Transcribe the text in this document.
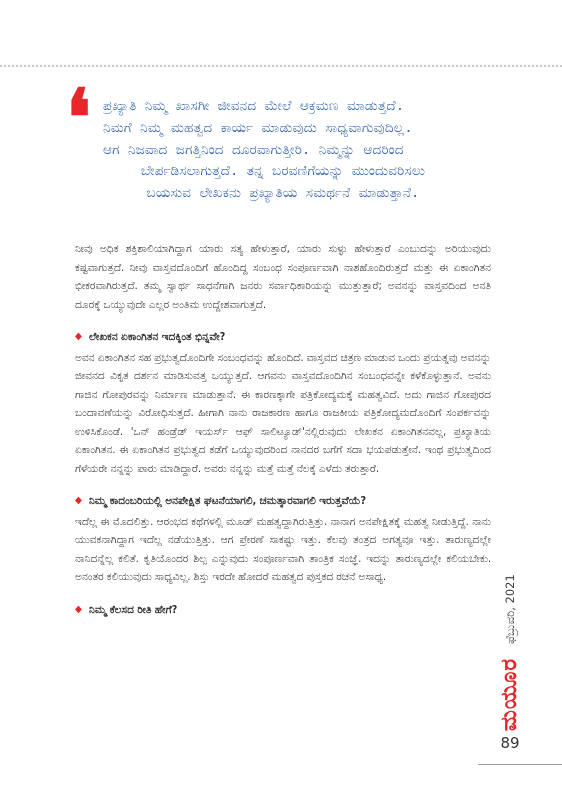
❛ ಪ್ರಖ್ಯಾತಿ ನಿಮ್ಮ ಖಾಸಗೀ ಜೀವನದ ಮೇಲೆ ಆಕ್ರಮಣ ಮಾಡುತ್ತದೆ.
ನಿಮಗೆ ನಿಮ್ಮ ಮಹತ್ವದ ಕಾರ್ಯ ಮಾಡುವುದು ಸಾಧ್ಯವಾಗುವುದಿಲ್ಲ.
ಆಗ ನಿಜವಾದ ಜಗತ್ತಿನಿಂದ ದೂರವಾಗುತ್ತೀರಿ. ನಿಮ್ಮನ್ನು ಆದರಿಂದ
ಬೇರ್ಪಡಿಸಲಾಗುತ್ತದೆ. ತನ್ನ ಬರವಣಿಗೆಯನ್ನು ಮುಂದುವರಿಸಲು
ಬಯಸುವ ಲೇಖಕನು ಪ್ರಖ್ಯಾತಿಯ ಸಮರ್ಥನೆ ಮಾಡುತ್ತಾನೆ.

ನೀವು ಅಧಿಕ ಶಕ್ತಿಶಾಲಿಯಾಗಿದ್ದಾಗ ಯಾರು ಸತ್ಯ ಹೇಳುತ್ತಾರೆ, ಯಾರು ಸುಳ್ಳು ಹೇಳುತ್ತಾರೆ ಎಂಬುದನ್ನು ಅರಿಯುವುದು ಕಷ್ಟವಾಗುತ್ತದೆ. ನೀವು ವಾಸ್ತವದೊಂದಿಗೆ ಹೊಂದಿದ್ದ ಸಂಬಂಧ ಸಂಪೂರ್ಣವಾಗಿ ನಾಶಹೊಂದಿರುತ್ತದೆ ಮತ್ತು ಈ ಏಕಾಂಗಿತನ ಭೀಕರವಾಗಿರುತ್ತದೆ. ತಮ್ಮ ಸ್ವಾರ್ಥ ಸಾಧನೆಗಾಗಿ ಜನರು ಸರ್ವಾಧಿಕಾರಿಯನ್ನು ಮುತ್ತುತ್ತಾರೆ; ಅವನನ್ನು ವಾಸ್ತವದಿಂದ ಅನತಿ ದೂರಕ್ಕೆ ಒಯ್ಯುವುದೇ ಎಲ್ಲರ ಅಂತಿಮ ಉದ್ದೇಶವಾಗುತ್ತದೆ.

◆ ಲೇಖಕನ ಏಕಾಂಗಿತನ ಇದಕ್ಕಿಂತ ಭಿನ್ನವೇ?

ಅವನ ಏಕಾಂಗಿತನ ಸಹ ಪ್ರಭುತ್ವದೊಂದಿಗೇ ಸಂಬಂಧವನ್ನು ಹೊಂದಿದೆ. ವಾಸ್ತವದ ಚಿತ್ರಣ ಮಾಡುವ ಒಂದು ಪ್ರಯತ್ನವು ಅವನನ್ನು ಜೀವನದ ವಿಕೃತ ದರ್ಶನ ಮಾಡಿಸುವತ್ತ ಒಯ್ಯುತ್ತದೆ. ಆಗವನು ವಾಸ್ತವದೊಂದಿಗಿನ ಸಂಬಂಧವನ್ನೇ ಕಳೆಕೊಳ್ಳುತ್ತಾನೆ. ಅವನು ಗಾಜಿನ ಗೋಪುರವನ್ನು ನಿರ್ಮಾಣ ಮಾಡುತ್ತಾನೆ. ಈ ಕಾರಣಕ್ಕಾಗೇ ಪತ್ರಿಕೋದ್ಯಮಕ್ಕೆ ಮಹತ್ವವಿದೆ. ಅದು ಗಾಜಿನ ಗೋಪುರದ ಬಂದಾವಣೆಯನ್ನು ವಿರೋಧಿಸುತ್ತದೆ. ಹೀಗಾಗಿ ನಾನು ರಾಜಕಾರಣ ಹಾಗೂ ರಾಜಕೀಯ ಪತ್ರಿಕೋದ್ಯಮದೊಂದಿಗೆ ಸಂಪರ್ಕವನ್ನು ಉಳಿಸಿಕೊಂಡೆ. 'ಒನ್ ಹಂಡ್ರೆಡ್ ಇಯರ್ಸ್ ಆಫ್ ಸಾಲಿಟ್ಯೂಡ್'ನಲ್ಲಿರುವುದು ಲೇಖಕನ ಏಕಾಂಗಿತನವಲ್ಲ, ಪ್ರಖ್ಯಾತಿಯ ಏಕಾಂಗಿತನ. ಈ ಏಕಾಂಗಿತನ ಪ್ರಭುತ್ವದ ಕಡೆಗೆ ಒಯ್ಯುವುದರಿಂದ ನಾನದರ ಬಗೆಗೆ ಸದಾ ಭಯಪಡುತ್ತೇನೆ. ಇಂಥ ಪ್ರಭುತ್ವದಿಂದ ಗೆಳೆಯರೇ ನನ್ನನ್ನು ಪಾರು ಮಾಡಿದ್ದಾರೆ. ಅವರು ನನ್ನನ್ನು ಮತ್ತೆ ಮತ್ತೆ ನೆಲಕ್ಕೆ ಎಳೆದು ತರುತ್ತಾರೆ.

◆ ನಿಮ್ಮ ಕಾದಂಬರಿಯಲ್ಲಿ ಅನಪೇಕ್ಷಿತ ಘಟನೆಯಾಗಲಿ, ಚಮತ್ಕಾರವಾಗಲಿ ಇರುತ್ತವೆಯೆ?

ಇದೆಲ್ಲ ಈ ಮೊದಲಿತ್ತು. ಆರಂಭದ ಕಥೆಗಳಲ್ಲಿ ಮೂಡ್ ಮಹತ್ವದ್ದಾಗಿರುತ್ತಿತ್ತು. ನಾನಾಗ ಅನಪೇಕ್ಷಿತಕ್ಕೆ ಮಹತ್ವ ನೀಡುತ್ತಿದ್ದೆ. ನಾನು ಯುವಕನಾಗಿದ್ದಾಗ ಇದೆಲ್ಲ ನಡೆಯುತ್ತಿತ್ತು. ಆಗ ಪ್ರೇರಣೆ ಸಾಕಷ್ಟು ಇತ್ತು. ಕೆಲವು ತಂತ್ರದ ಅಗತ್ಯವೂ ಇತ್ತು. ತಾರುಣ್ಯದಲ್ಲೇ ನಾನಿದನ್ನೆಲ್ಲ ಕಲಿತೆ. ಕೃತಿಯೊಂದರ ಶಿಲ್ಪ ಎನ್ನುವುದು ಸಂಪೂರ್ಣವಾಗಿ ತಾಂತ್ರಿಕ ಸಂಜ್ಞೆ. ಇದನ್ನು ತಾರುಣ್ಯದಲ್ಲೇ ಕಲಿಯಬೇಕು. ಅನಂತರ ಕಲಿಯುವುದು ಸಾಧ್ಯವಿಲ್ಲ. ಶಿಸ್ತು ಇರದೇ ಹೋದರೆ ಮಹತ್ವದ ಪುಸ್ತಕದ ರಚನೆ ಅಸಾಧ್ಯ.

◆ ನಿಮ್ಮ ಕೆಲಸದ ರೀತಿ ಹೇಗೆ?	ಫೆಬ್ರುವರಿ, 2021
ಮಯೂರ
89
